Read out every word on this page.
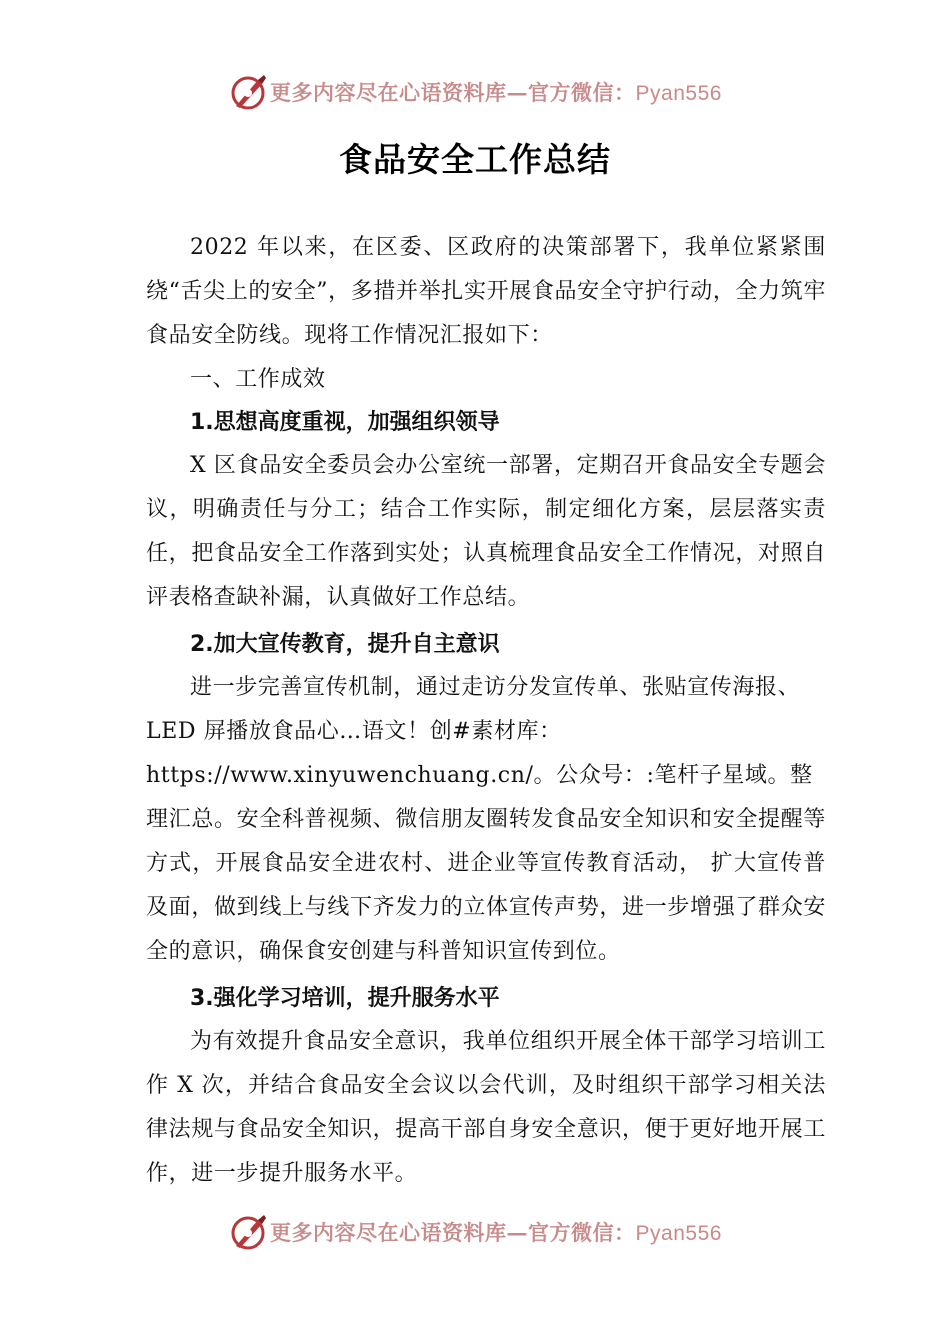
更多内容尽在心语资料库—官方微信：Pyan556
食品安全工作总结

2022 年以来，在区委、区政府的决策部署下，我单位紧紧围绕“舌尖上的安全”，多措并举扎实开展食品安全守护行动，全力筑牢食品安全防线。现将工作情况汇报如下：

一、工作成效

1.思想高度重视，加强组织领导

X 区食品安全委员会办公室统一部署，定期召开食品安全专题会议，明确责任与分工；结合工作实际，制定细化方案，层层落实责任，把食品安全工作落到实处；认真梳理食品安全工作情况，对照自评表格查缺补漏，认真做好工作总结。

2.加大宣传教育，提升自主意识

进一步完善宣传机制，通过走访分发宣传单、张贴宣传海报、

LED 屏播放食品心…语文！创#素材库：

https://www.xinyuwenchuang.cn/。公众号：:笔杆子星域。整

理汇总。安全科普视频、微信朋友圈转发食品安全知识和安全提醒等方式，开展食品安全进农村、进企业等宣传教育活动， 扩大宣传普及面，做到线上与线下齐发力的立体宣传声势，进一步增强了群众安全的意识，确保食安创建与科普知识宣传到位。

3.强化学习培训，提升服务水平

为有效提升食品安全意识，我单位组织开展全体干部学习培训工作 X 次，并结合食品安全会议以会代训，及时组织干部学习相关法律法规与食品安全知识，提高干部自身安全意识，便于更好地开展工作，进一步提升服务水平。

更多内容尽在心语资料库—官方微信：Pyan556
